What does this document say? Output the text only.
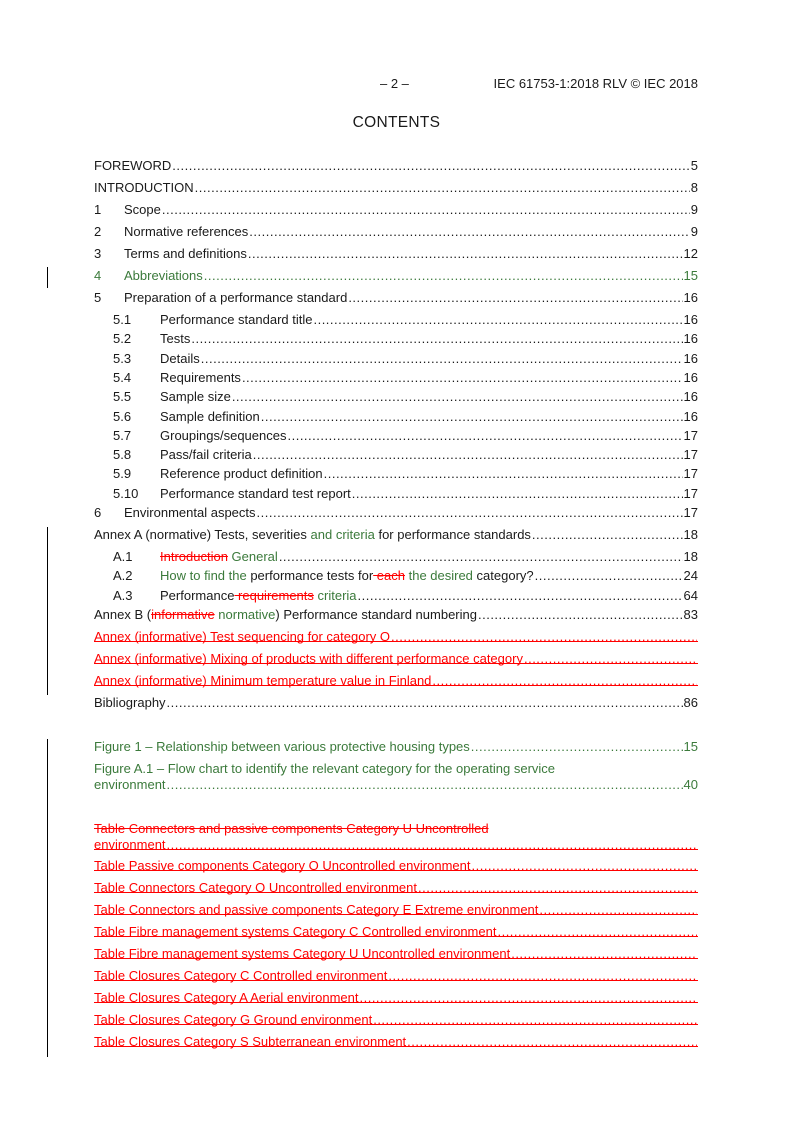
– 2 –	IEC 61753-1:2018 RLV © IEC 2018
CONTENTS
FOREWORD .....	5
INTRODUCTION .....	8
1	Scope .....	9
2	Normative references .....	9
3	Terms and definitions .....	12
4	Abbreviations .....	15
5	Preparation of a performance standard .....	16
5.1	Performance standard title .....	16
5.2	Tests .....	16
5.3	Details .....	16
5.4	Requirements .....	16
5.5	Sample size .....	16
5.6	Sample definition .....	16
5.7	Groupings/sequences .....	17
5.8	Pass/fail criteria .....	17
5.9	Reference product definition .....	17
5.10	Performance standard test report .....	17
6	Environmental aspects .....	17
Annex A (normative) Tests, severities and criteria for performance standards .....	18
A.1	Introduction General .....	18
A.2	How to find the performance tests for each the desired category? .....	24
A.3	Performance requirements criteria .....	64
Annex B (informative normative) Performance standard numbering .....	83
Annex (informative) Test sequencing for category O
.....
Annex (informative) Mixing of products with different performance category
.....
Annex (informative) Minimum temperature value in Finland
.....
Bibliography .....	86
Figure 1 – Relationship between various protective housing types .....	15
Figure A.1 – Flow chart to identify the relevant category for the operating service
environment .....	40
Table Connectors and passive components Category U Uncontrolled
environment
.....
Table Passive components Category O Uncontrolled environment
.....
Table Connectors Category O Uncontrolled environment
.....
Table Connectors and passive components Category E Extreme environment
.....
Table Fibre management systems Category C Controlled environment
.....
Table Fibre management systems Category U Uncontrolled environment
.....
Table Closures Category C Controlled environment
.....
Table Closures Category A Aerial environment
.....
Table Closures Category G Ground environment
.....
Table Closures Category S Subterranean environment
.....
